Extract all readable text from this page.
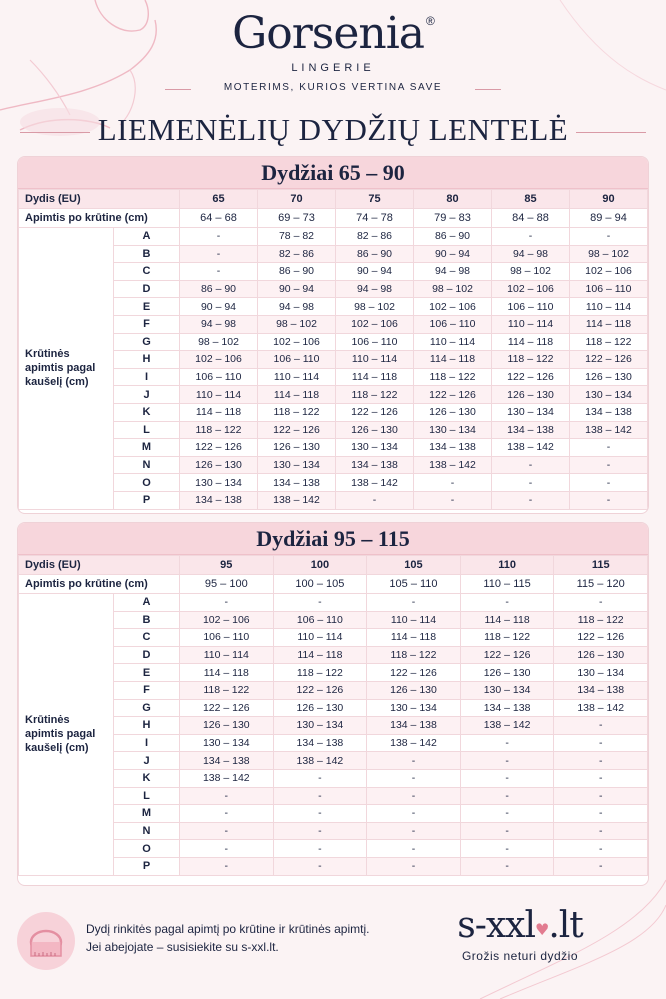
Gorsenia ®
LINGERIE
MOTERIMS, KURIOS VERTINA SAVE
LIEMENĖLIŲ DYDŽIŲ LENTELĖ
Dydžiai 65 – 90
Dydis (EU)		65	70	75	80	85	90
Apimtis po krūtine (cm)		64 – 68	69 – 73	74 – 78	79 – 83	84 – 88	89 – 94

Krūtinės
apimtis pagal
kaušelį (cm)	A	-	78 – 82	82 – 86	86 – 90	-	-
	B	-	82 – 86	86 – 90	90 – 94	94 – 98	98 – 102
	C	-	86 – 90	90 – 94	94 – 98	98 – 102	102 – 106
	D	86 – 90	90 – 94	94 – 98	98 – 102	102 – 106	106 – 110
	E	90 – 94	94 – 98	98 – 102	102 – 106	106 – 110	110 – 114
	F	94 – 98	98 – 102	102 – 106	106 – 110	110 – 114	114 – 118
	G	98 – 102	102 – 106	106 – 110	110 – 114	114 – 118	118 – 122
	H	102 – 106	106 – 110	110 – 114	114 – 118	118 – 122	122 – 126
	I	106 – 110	110 – 114	114 – 118	118 – 122	122 – 126	126 – 130
	J	110 – 114	114 – 118	118 – 122	122 – 126	126 – 130	130 – 134
	K	114 – 118	118 – 122	122 – 126	126 – 130	130 – 134	134 – 138
	L	118 – 122	122 – 126	126 – 130	130 – 134	134 – 138	138 – 142
	M	122 – 126	126 – 130	130 – 134	134 – 138	138 – 142	-
	N	126 – 130	130 – 134	134 – 138	138 – 142	-	-
	O	130 – 134	134 – 138	138 – 142	-	-	-
	P	134 – 138	138 – 142	-	-	-	-
Dydžiai 95 – 115
Dydis (EU)		95	100	105	110	115
Apimtis po krūtine (cm)		95 – 100	100 – 105	105 – 110	110 – 115	115 – 120

Krūtinės
apimtis pagal
kaušelį (cm)	A	-	-	-	-	-
	B	102 – 106	106 – 110	110 – 114	114 – 118	118 – 122
	C	106 – 110	110 – 114	114 – 118	118 – 122	122 – 126
	D	110 – 114	114 – 118	118 – 122	122 – 126	126 – 130
	E	114 – 118	118 – 122	122 – 126	126 – 130	130 – 134
	F	118 – 122	122 – 126	126 – 130	130 – 134	134 – 138
	G	122 – 126	126 – 130	130 – 134	134 – 138	138 – 142
	H	126 – 130	130 – 134	134 – 138	138 – 142	-
	I	130 – 134	134 – 138	138 – 142	-	-
	J	134 – 138	138 – 142	-	-	-
	K	138 – 142	-	-	-	-
	L	-	-	-	-	-
	M	-	-	-	-	-
	N	-	-	-	-	-
	O	-	-	-	-	-
	P	-	-	-	-	-
Dydį rinkitės pagal apimtį po krūtine ir krūtinės apimtį.
Jei abejojate – susisiekite su s-xxl.lt.
s-xxl♥.lt
Grožis neturi dydžio
